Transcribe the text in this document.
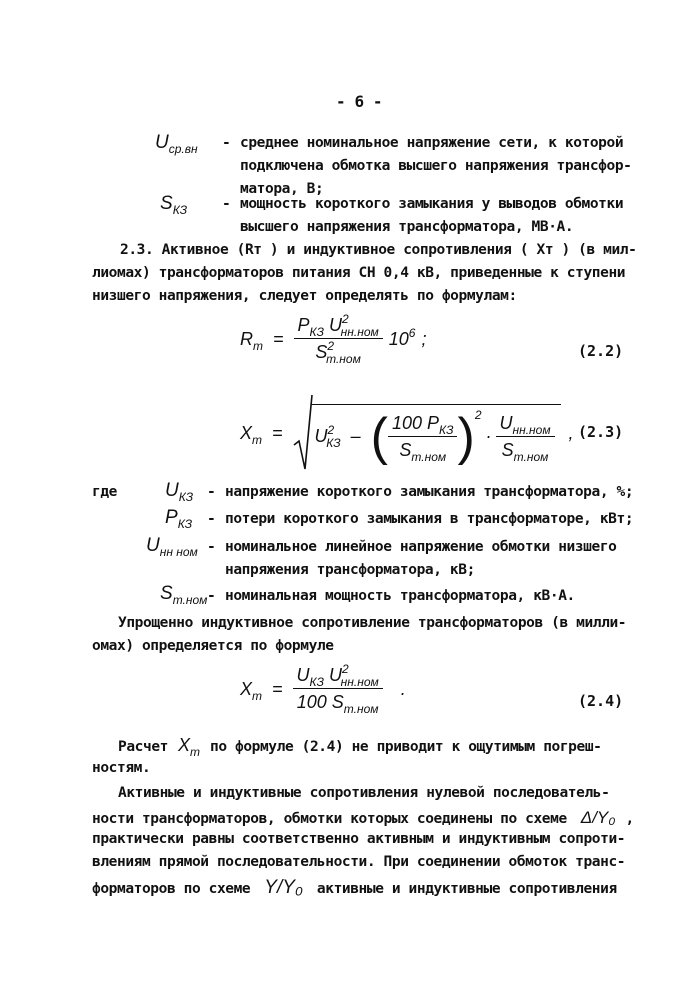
- 6 -
$U_{ср.вн}$ - среднее номинальное напряжение сети, к которой
подключена обмотка высшего напряжения трансфор-
матора, В;
$S_{КЗ}$ - мощность короткого замыкания у выводов обмотки
высшего напряжения трансформатора, МВ·А.
2.3. Активное (Rт ) и индуктивное сопротивления ( Xт ) (в мил-
лиомах) трансформаторов питания СН 0,4 кВ, приведенные к ступени
низшего напряжения, следует определять по формулам:
$R_т = \frac{P_{КЗ} U^2_{нн.ном}}{S^2_{т.ном}} 10^6$ ;
(2.2)
$X_т = U^2_{КЗ}$ – ( $\frac{100 P_{КЗ}}{S_{т.ном}}$ ) 2
· $\frac{U_{нн.ном}}{S_{т.ном}}$ , (2.3)
где	$U_{КЗ}$ - напряжение короткого замыкания трансформатора, %;
$P_{КЗ}$ - потери короткого замыкания в трансформаторе, кВт;
$U_{нн ном}$ - номинальное линейное напряжение обмотки низшего
напряжения трансформатора, кВ;
$S_{т.ном}$ - номинальная мощность трансформатора, кВ·А.
Упрощенно индуктивное сопротивление трансформаторов (в милли-
омах) определяется по формуле
$X_т = \frac{U_{КЗ} U^2_{нн.ном}}{100 S_{т.ном}}$ .
(2.4)
Расчет $X_т$ по формуле (2.4) не приводит к ощутимым погреш-
ностям.
Активные и индуктивные сопротивления нулевой последователь-
ности трансформаторов, обмотки которых соединены по схеме Δ/Y₀ ,
практически равны соответственно активным и индуктивным сопроти-
влениям прямой последовательности. При соединении обмоток транс-
форматоров по схеме Y/Y₀ активные и индуктивные сопротивления
